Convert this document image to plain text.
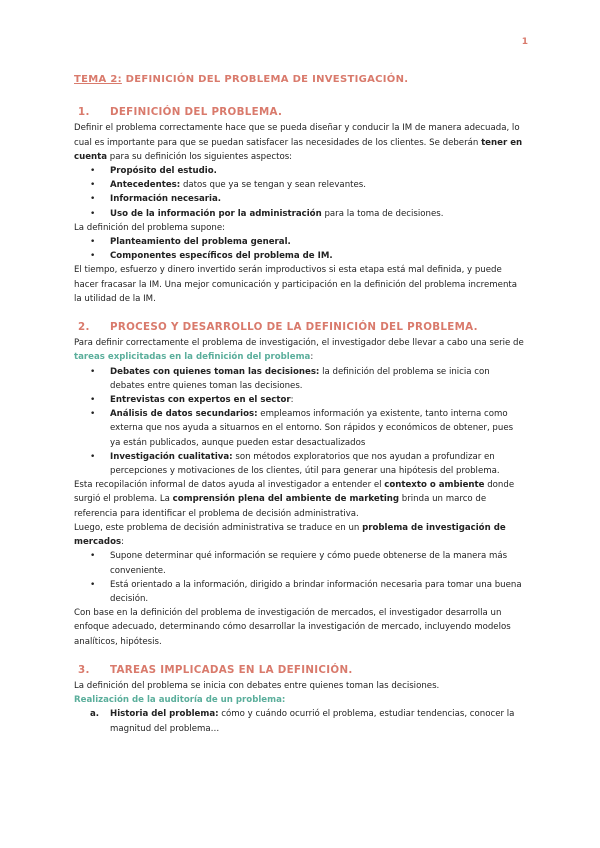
1
TEMA 2: DEFINICIÓN DEL PROBLEMA DE INVESTIGACIÓN.
1.	DEFINICIÓN DEL PROBLEMA.

Definir el problema correctamente hace que se pueda diseñar y conducir la IM de manera adecuada, lo cual es importante para que se puedan satisfacer las necesidades de los clientes. Se deberán tener en cuenta para su definición los siguientes aspectos:

• Propósito del estudio.
• Antecedentes: datos que ya se tengan y sean relevantes.
• Información necesaria.
• Uso de la información por la administración para la toma de decisiones.

La definición del problema supone:

• Planteamiento del problema general.
• Componentes específicos del problema de IM.

El tiempo, esfuerzo y dinero invertido serán improductivos si esta etapa está mal definida, y puede hacer fracasar la IM. Una mejor comunicación y participación en la definición del problema incrementa la utilidad de la IM.

2.	PROCESO Y DESARROLLO DE LA DEFINICIÓN DEL PROBLEMA.

Para definir correctamente el problema de investigación, el investigador debe llevar a cabo una serie de tareas explicitadas en la definición del problema:

• Debates con quienes toman las decisiones: la definición del problema se inicia con debates entre quienes toman las decisiones.
• Entrevistas con expertos en el sector:
• Análisis de datos secundarios: empleamos información ya existente, tanto interna como externa que nos ayuda a situarnos en el entorno. Son rápidos y económicos de obtener, pues ya están publicados, aunque pueden estar desactualizados
• Investigación cualitativa: son métodos exploratorios que nos ayudan a profundizar en percepciones y motivaciones de los clientes, útil para generar una hipótesis del problema.

Esta recopilación informal de datos ayuda al investigador a entender el contexto o ambiente donde surgió el problema. La comprensión plena del ambiente de marketing brinda un marco de referencia para identificar el problema de decisión administrativa.

Luego, este problema de decisión administrativa se traduce en un problema de investigación de mercados:

• Supone determinar qué información se requiere y cómo puede obtenerse de la manera más conveniente.
• Está orientado a la información, dirigido a brindar información necesaria para tomar una buena decisión.

Con base en la definición del problema de investigación de mercados, el investigador desarrolla un enfoque adecuado, determinando cómo desarrollar la investigación de mercado, incluyendo modelos analíticos, hipótesis.

3.	TAREAS IMPLICADAS EN LA DEFINICIÓN.

La definición del problema se inicia con debates entre quienes toman las decisiones.

Realización de la auditoría de un problema:

a. Historia del problema: cómo y cuándo ocurrió el problema, estudiar tendencias, conocer la magnitud del problema…
